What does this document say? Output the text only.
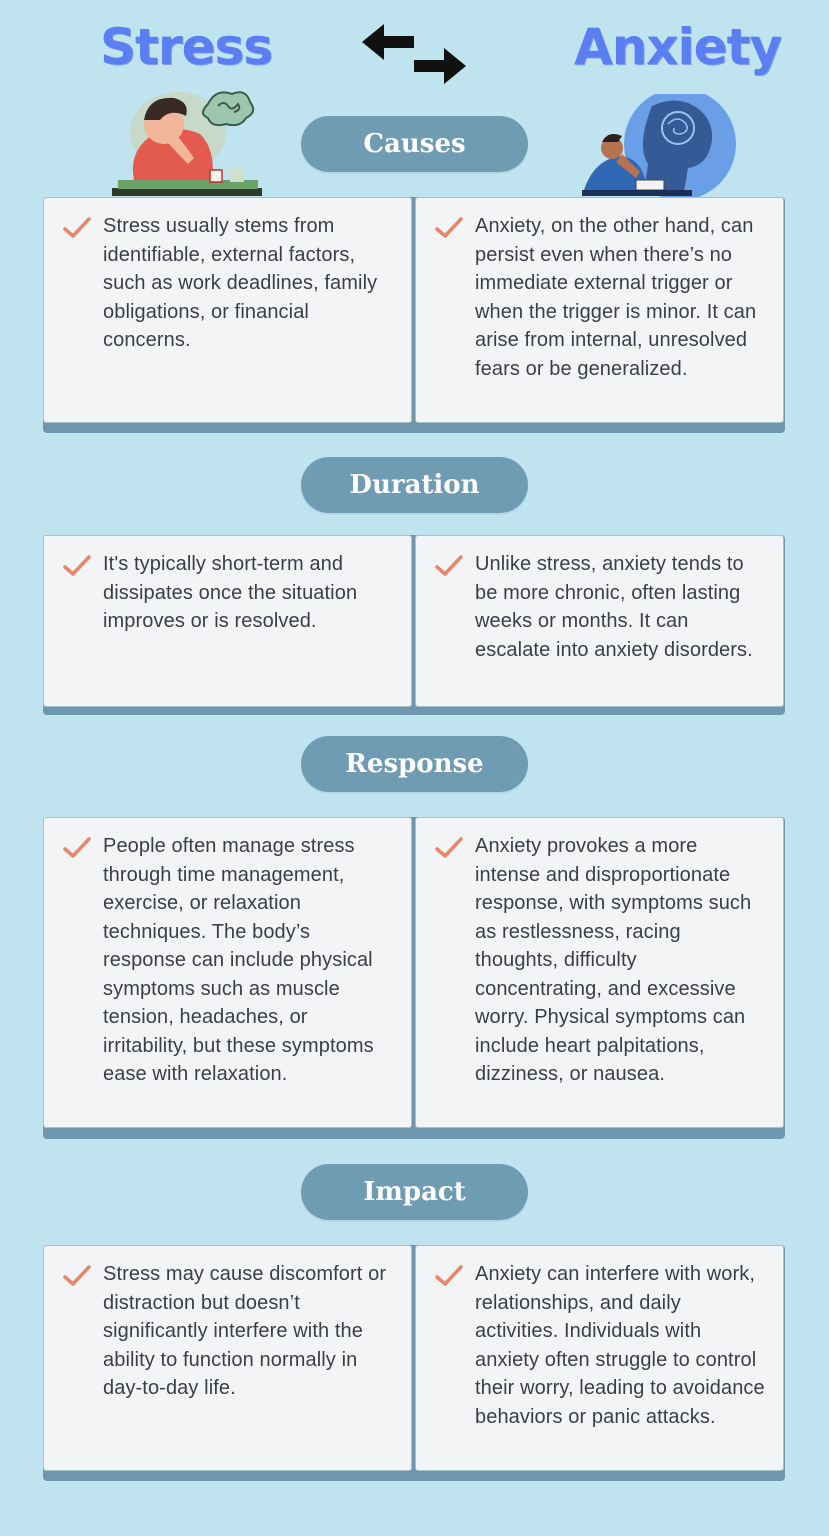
Stress	Anxiety
Causes
Stress usually stems from identifiable, external factors, such as work deadlines, family obligations, or financial concerns.
Anxiety, on the other hand, can persist even when there’s no immediate external trigger or when the trigger is minor. It can arise from internal, unresolved fears or be generalized.
Duration
It's typically short-term and dissipates once the situation improves or is resolved.
Unlike stress, anxiety tends to be more chronic, often lasting weeks or months. It can escalate into anxiety disorders.
Response
People often manage stress through time management, exercise, or relaxation techniques. The body’s response can include physical symptoms such as muscle tension, headaches, or irritability, but these symptoms ease with relaxation.
Anxiety provokes a more intense and disproportionate response, with symptoms such as restlessness, racing thoughts, difficulty concentrating, and excessive worry. Physical symptoms can include heart palpitations, dizziness, or nausea.
Impact
Stress may cause discomfort or distraction but doesn’t significantly interfere with the ability to function normally in day-to-day life.
Anxiety can interfere with work, relationships, and daily activities. Individuals with anxiety often struggle to control their worry, leading to avoidance behaviors or panic attacks.
